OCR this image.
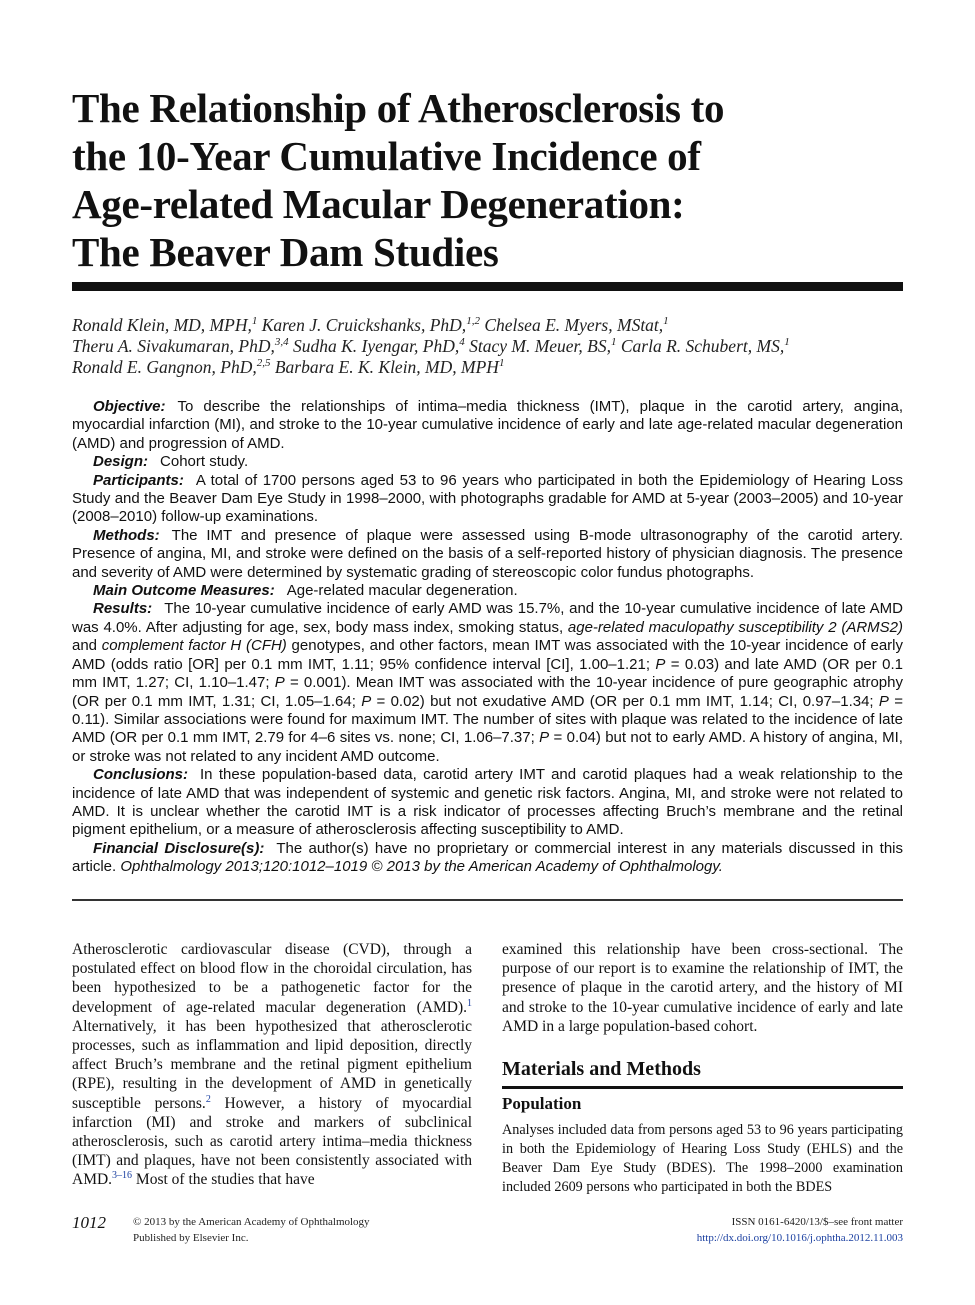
The Relationship of Atherosclerosis to
the 10-Year Cumulative Incidence of
Age-related Macular Degeneration:
The Beaver Dam Studies
Ronald Klein, MD, MPH,$^1$ Karen J. Cruickshanks, PhD,$^{1,2}$ Chelsea E. Myers, MStat,$^1$
Theru A. Sivakumaran, PhD,$^{3,4}$ Sudha K. Iyengar, PhD,$^4$ Stacy M. Meuer, BS,$^1$ Carla R. Schubert, MS,$^1$
Ronald E. Gangnon, PhD,$^{2,5}$ Barbara E. K. Klein, MD, MPH$^1$

Objective: To describe the relationships of intima–media thickness (IMT), plaque in the carotid artery, angina, myocardial infarction (MI), and stroke to the 10-year cumulative incidence of early and late age-related macular degeneration (AMD) and progression of AMD.

Design: Cohort study.

Participants: A total of 1700 persons aged 53 to 96 years who participated in both the Epidemiology of Hearing Loss Study and the Beaver Dam Eye Study in 1998–2000, with photographs gradable for AMD at 5-year (2003–2005) and 10-year (2008–2010) follow-up examinations.

Methods: The IMT and presence of plaque were assessed using B-mode ultrasonography of the carotid artery. Presence of angina, MI, and stroke were defined on the basis of a self-reported history of physician diagnosis. The presence and severity of AMD were determined by systematic grading of stereoscopic color fundus photographs.

Main Outcome Measures: Age-related macular degeneration.

Results: The 10-year cumulative incidence of early AMD was 15.7%, and the 10-year cumulative incidence of late AMD was 4.0%. After adjusting for age, sex, body mass index, smoking status, age-related maculopathy susceptibility 2 (ARMS2) and complement factor H (CFH) genotypes, and other factors, mean IMT was associated with the 10-year incidence of early AMD (odds ratio [OR] per 0.1 mm IMT, 1.11; 95% confidence interval [CI], 1.00–1.21; P = 0.03) and late AMD (OR per 0.1 mm IMT, 1.27; CI, 1.10–1.47; P = 0.001). Mean IMT was associated with the 10-year incidence of pure geographic atrophy (OR per 0.1 mm IMT, 1.31; CI, 1.05–1.64; P = 0.02) but not exudative AMD (OR per 0.1 mm IMT, 1.14; CI, 0.97–1.34; P = 0.11). Similar associations were found for maximum IMT. The number of sites with plaque was related to the incidence of late AMD (OR per 0.1 mm IMT, 2.79 for 4–6 sites vs. none; CI, 1.06–7.37; P = 0.04) but not to early AMD. A history of angina, MI, or stroke was not related to any incident AMD outcome.

Conclusions: In these population-based data, carotid artery IMT and carotid plaques had a weak relationship to the incidence of late AMD that was independent of systemic and genetic risk factors. Angina, MI, and stroke were not related to AMD. It is unclear whether the carotid IMT is a risk indicator of processes affecting Bruch’s membrane and the retinal pigment epithelium, or a measure of atherosclerosis affecting susceptibility to AMD.

Financial Disclosure(s): The author(s) have no proprietary or commercial interest in any materials discussed in this article. Ophthalmology 2013;120:1012–1019 © 2013 by the American Academy of Ophthalmology.

Atherosclerotic cardiovascular disease (CVD), through a postulated effect on blood flow in the choroidal circulation, has been hypothesized to be a pathogenetic factor for the development of age-related macular degeneration (AMD).$^1$ Alternatively, it has been hypothesized that atherosclerotic processes, such as inflammation and lipid deposition, directly affect Bruch’s membrane and the retinal pigment epithelium (RPE), resulting in the development of AMD in genetically susceptible persons.$^2$ However, a history of myocardial infarction (MI) and stroke and markers of subclinical atherosclerosis, such as carotid artery intima–media thickness (IMT) and plaques, have not been consistently associated with AMD.$^{3-16}$ Most of the studies that have

examined this relationship have been cross-sectional. The purpose of our report is to examine the relationship of IMT, the presence of plaque in the carotid artery, and the history of MI and stroke to the 10-year cumulative incidence of early and late AMD in a large population-based cohort.

Materials and Methods
Population

Analyses included data from persons aged 53 to 96 years participating in both the Epidemiology of Hearing Loss Study (EHLS) and the Beaver Dam Eye Study (BDES). The 1998–2000 examination included 2609 persons who participated in both the BDES

1012 © 2013 by the American Academy of Ophthalmology
Published by Elsevier Inc.
ISSN 0161-6420/13/$–see front matter
http://dx.doi.org/10.1016/j.ophtha.2012.11.003
